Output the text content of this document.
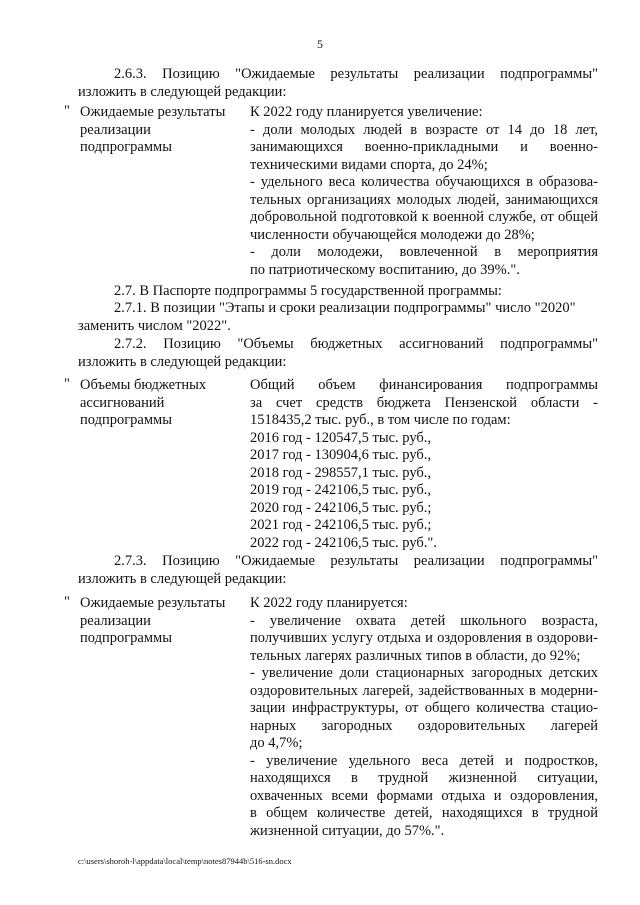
5
2.6.3. Позицию "Ожидаемые результаты реализации подпрограммы" изложить в следующей редакции:
" Ожидаемые результаты
реализации
подпрограммы
К 2022 году планируется увеличение:
- доли молодых людей в возрасте от 14 до 18 лет,
занимающихся военно-прикладными и военно-
техническими видами спорта, до 24%;
- удельного веса количества обучающихся в образова-
тельных организациях молодых людей, занимающихся
добровольной подготовкой к военной службе, от общей
численности обучающейся молодежи до 28%;
- доли молодежи, вовлеченной в мероприятия
по патриотическому воспитанию, до 39%.".
2.7. В Паспорте подпрограммы 5 государственной программы:
2.7.1. В позиции "Этапы и сроки реализации подпрограммы" число "2020"
заменить числом "2022".
2.7.2. Позицию "Объемы бюджетных ассигнований подпрограммы"
изложить в следующей редакции:
" Объемы бюджетных
ассигнований
подпрограммы
Общий объем финансирования подпрограммы
за счет средств бюджета Пензенской области -
1518435,2 тыс. руб., в том числе по годам:
2016 год - 120547,5 тыс. руб.,
2017 год - 130904,6 тыс. руб.,
2018 год - 298557,1 тыс. руб.,
2019 год - 242106,5 тыс. руб.,
2020 год - 242106,5 тыс. руб.;
2021 год - 242106,5 тыс. руб.;
2022 год - 242106,5 тыс. руб.".
2.7.3. Позицию "Ожидаемые результаты реализации подпрограммы"
изложить в следующей редакции:
" Ожидаемые результаты
реализации
подпрограммы
К 2022 году планируется:
- увеличение охвата детей школьного возраста,
получивших услугу отдыха и оздоровления в оздорови-
тельных лагерях различных типов в области, до 92%;
- увеличение доли стационарных загородных детских
оздоровительных лагерей, задействованных в модерни-
зации инфраструктуры, от общего количества стацио-
нарных загородных оздоровительных лагерей
до 4,7%;
- увеличение удельного веса детей и подростков,
находящихся в трудной жизненной ситуации,
охваченных всеми формами отдыха и оздоровления,
в общем количестве детей, находящихся в трудной
жизненной ситуации, до 57%.".
c:\users\shoroh-l\appdata\local\temp\notes87944b\516-sn.docx
